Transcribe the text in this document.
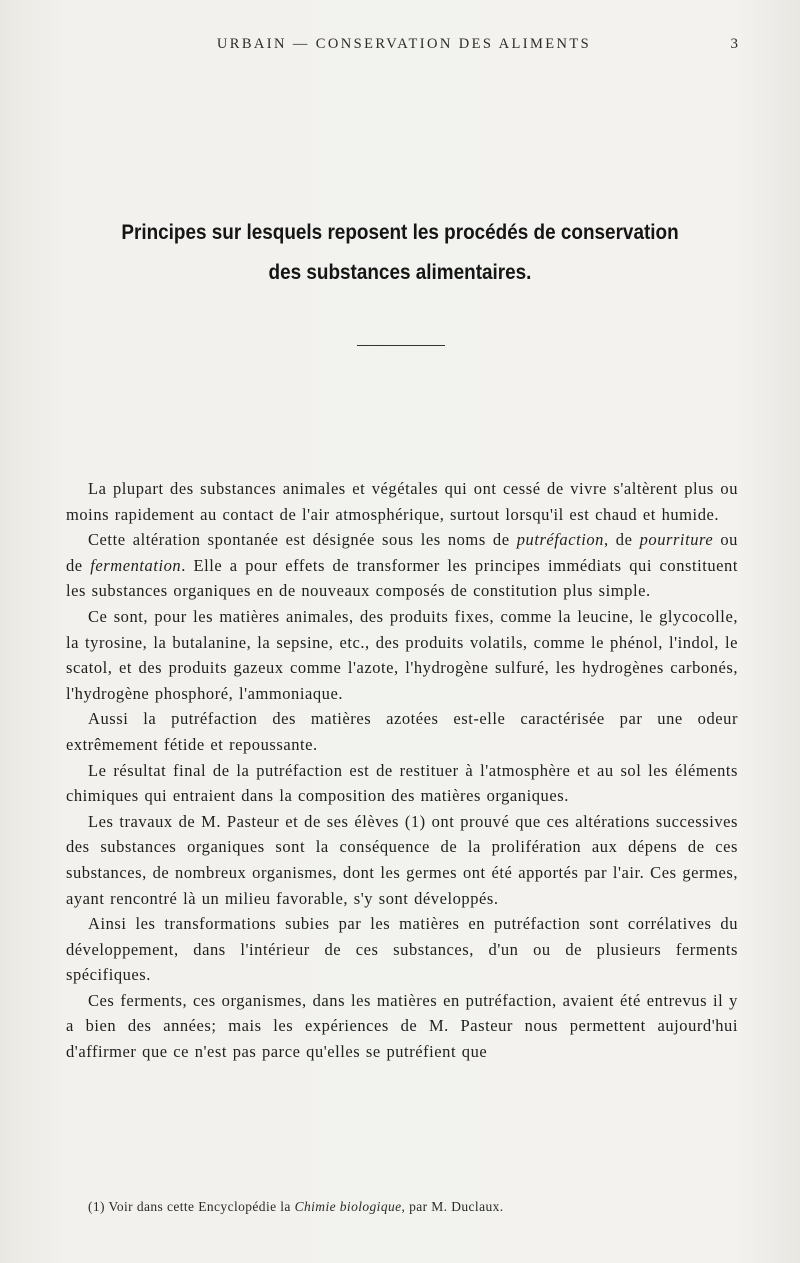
URBAIN — CONSERVATION DES ALIMENTS	3
Principes sur lesquels reposent les procédés de conservation
des substances alimentaires.

La plupart des substances animales et végétales qui ont cessé de vivre s'altèrent plus ou moins rapidement au contact de l'air atmosphérique, surtout lorsqu'il est chaud et humide.

Cette altération spontanée est désignée sous les noms de putréfaction, de pourriture ou de fermentation. Elle a pour effets de transformer les principes immédiats qui constituent les substances organiques en de nouveaux composés de constitution plus simple.

Ce sont, pour les matières animales, des produits fixes, comme la leucine, le glycocolle, la tyrosine, la butalanine, la sepsine, etc., des produits volatils, comme le phénol, l'indol, le scatol, et des produits gazeux comme l'azote, l'hydrogène sulfuré, les hydrogènes carbonés, l'hydrogène phosphoré, l'ammoniaque.

Aussi la putréfaction des matières azotées est-elle caractérisée par une odeur extrêmement fétide et repoussante.

Le résultat final de la putréfaction est de restituer à l'atmosphère et au sol les éléments chimiques qui entraient dans la composition des matières organiques.

Les travaux de M. Pasteur et de ses élèves (1) ont prouvé que ces altérations successives des substances organiques sont la conséquence de la prolifération aux dépens de ces substances, de nombreux organismes, dont les germes ont été apportés par l'air. Ces germes, ayant rencontré là un milieu favorable, s'y sont développés.

Ainsi les transformations subies par les matières en putréfaction sont corrélatives du développement, dans l'intérieur de ces substances, d'un ou de plusieurs ferments spécifiques.

Ces ferments, ces organismes, dans les matières en putréfaction, avaient été entrevus il y a bien des années; mais les expériences de M. Pasteur nous permettent aujourd'hui d'affirmer que ce n'est pas parce qu'elles se putréfient que

(1) Voir dans cette Encyclopédie la Chimie biologique, par M. Duclaux.
